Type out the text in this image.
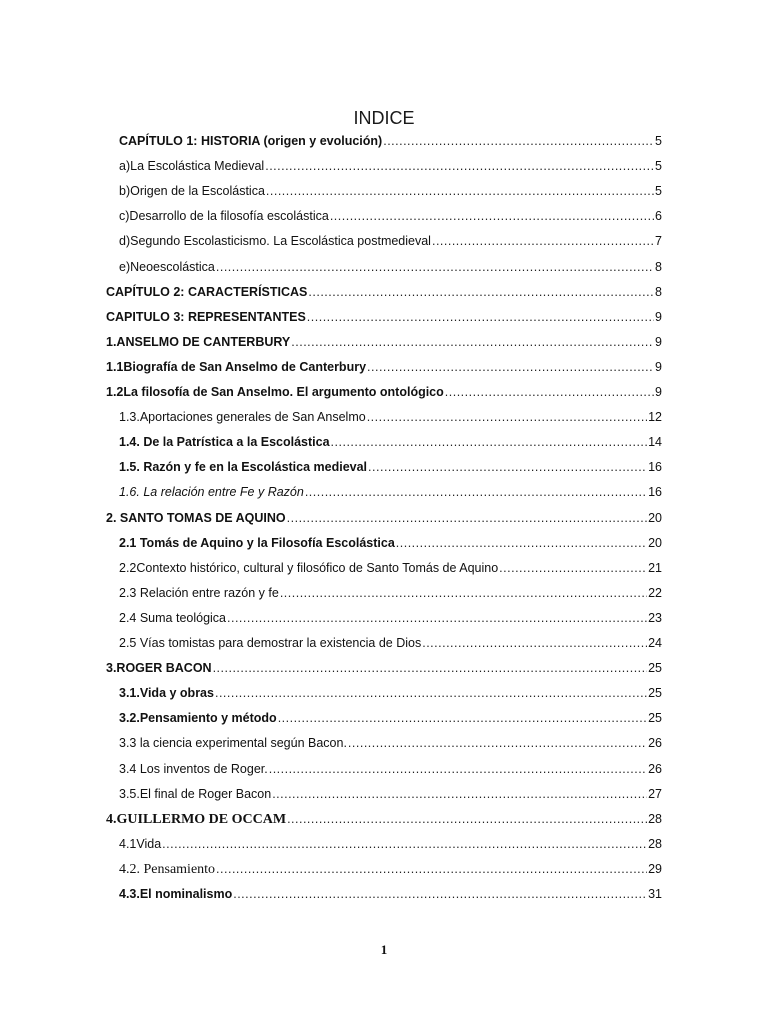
INDICE
CAPÍTULO 1: HISTORIA (origen y evolución) .....	5
a)La Escolástica Medieval .....	5
b)Origen de la Escolástica .....	5
c)Desarrollo de la filosofía escolástica .....	6
d)Segundo Escolasticismo. La Escolástica postmedieval .....	7
e)Neoescolástica .....	8
CAPÍTULO 2: CARACTERÍSTICAS .....	8
CAPITULO 3: REPRESENTANTES .....	9
1.ANSELMO DE CANTERBURY .....	9
1.1Biografía de San Anselmo de Canterbury .....	9
1.2La filosofía de San Anselmo. El argumento ontológico .....	9
1.3.Aportaciones generales de San Anselmo .....	12
1.4. De la Patrística a la Escolástica .....	14
1.5. Razón y fe en la Escolástica medieval .....	16
1.6. La relación entre Fe y Razón .....	16
2. SANTO TOMAS DE AQUINO .....	20
2.1 Tomás de Aquino y la Filosofía Escolástica .....	20
2.2Contexto histórico, cultural y filosófico de Santo Tomás de Aquino .....	21
2.3 Relación entre razón y fe .....	22
2.4 Suma teológica .....	23
2.5 Vías tomistas para demostrar la existencia de Dios .....	24
3.ROGER BACON .....	25
3.1.Vida y obras .....	25
3.2.Pensamiento y método .....	25
3.3 la ciencia experimental según Bacon. .....	26
3.4 Los inventos de Roger. .....	26
3.5.El final de Roger Bacon .....	27
4.GUILLERMO DE OCCAM .....	28
4.1Vida .....	28
4.2. Pensamiento .....	29
4.3.El nominalismo .....	31
1
